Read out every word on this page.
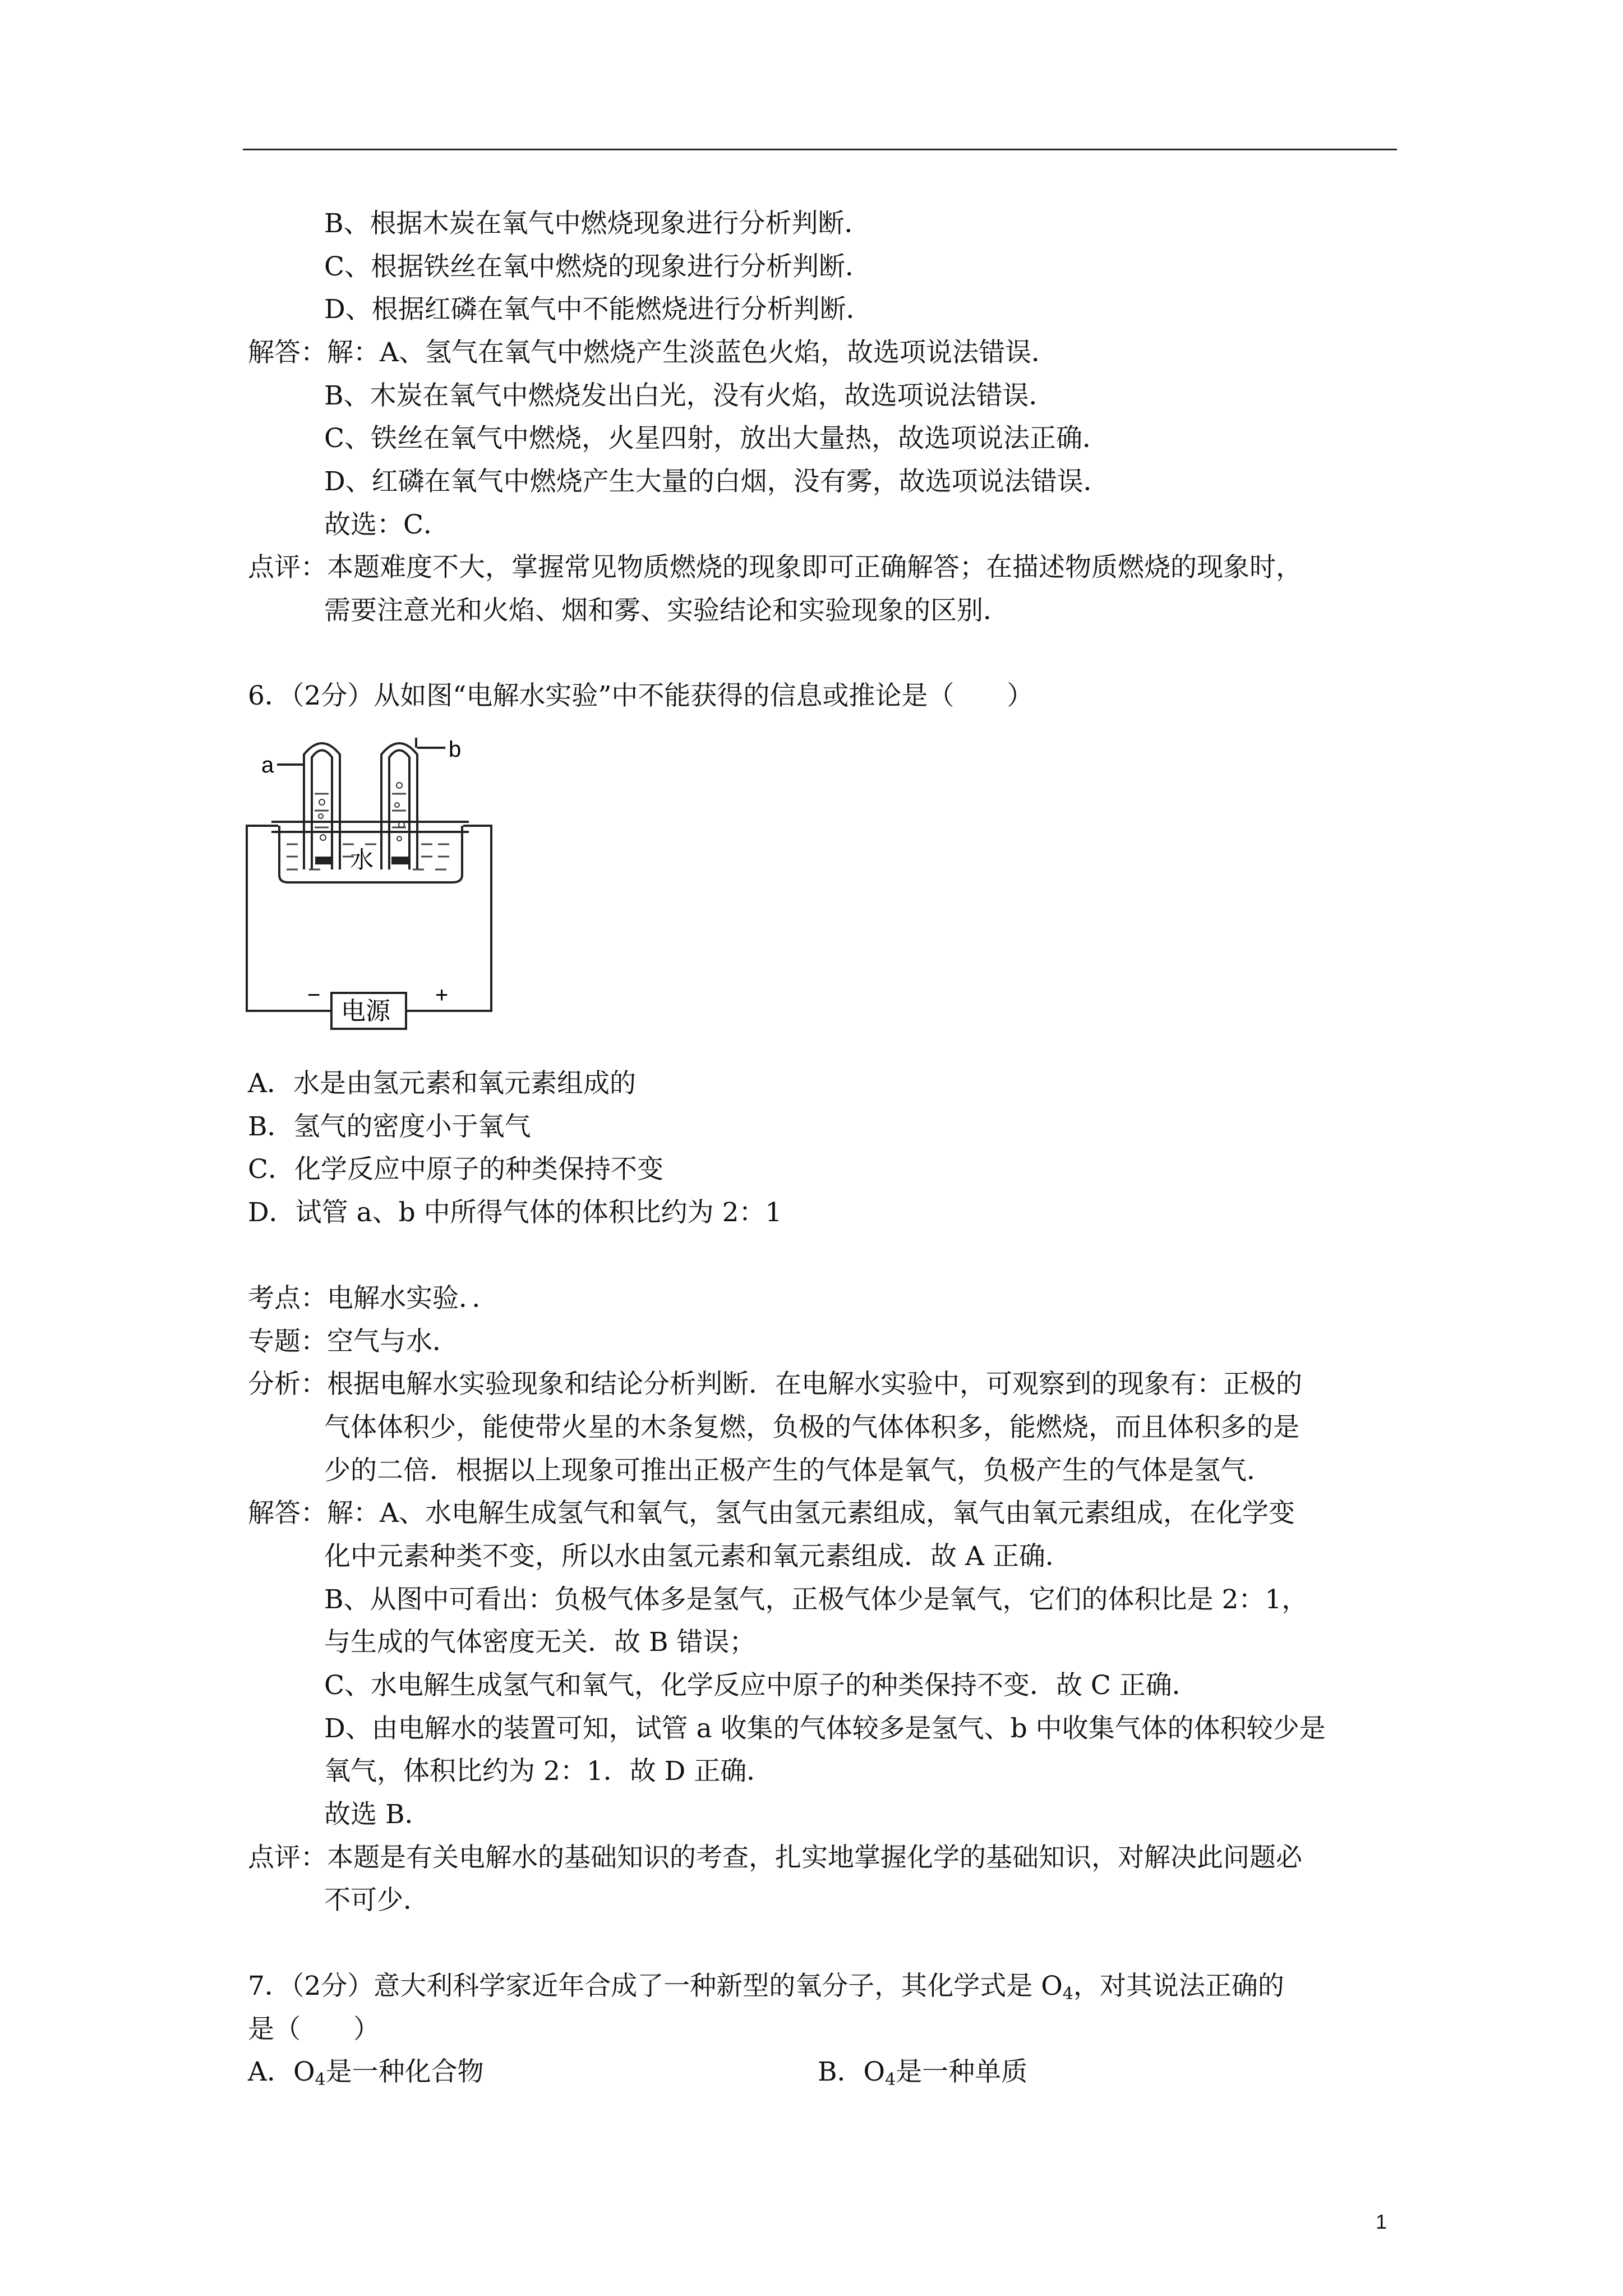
B、根据木炭在氧气中燃烧现象进行分析判断．
C、根据铁丝在氧中燃烧的现象进行分析判断．
D、根据红磷在氧气中不能燃烧进行分析判断．
解答：解：A、氢气在氧气中燃烧产生淡蓝色火焰，故选项说法错误．
B、木炭在氧气中燃烧发出白光，没有火焰，故选项说法错误．
C、铁丝在氧气中燃烧，火星四射，放出大量热，故选项说法正确．
D、红磷在氧气中燃烧产生大量的白烟，没有雾，故选项说法错误．
故选：C．
点评：本题难度不大，掌握常见物质燃烧的现象即可正确解答；在描述物质燃烧的现象时，
需要注意光和火焰、烟和雾、实验结论和实验现象的区别．
6．（2分）从如图“电解水实验”中不能获得的信息或推论是（　　）
a
b
水
−	+
电源
A．水是由氢元素和氧元素组成的
B．氢气的密度小于氧气
C．化学反应中原子的种类保持不变
D．试管 a、b 中所得气体的体积比约为 2：1
考点：电解水实验．．
专题：空气与水．
分析：根据电解水实验现象和结论分析判断．在电解水实验中，可观察到的现象有：正极的
气体体积少，能使带火星的木条复燃，负极的气体体积多，能燃烧，而且体积多的是
少的二倍．根据以上现象可推出正极产生的气体是氧气，负极产生的气体是氢气．
解答：解：A、水电解生成氢气和氧气，氢气由氢元素组成，氧气由氧元素组成，在化学变
化中元素种类不变，所以水由氢元素和氧元素组成．故 A 正确．
B、从图中可看出：负极气体多是氢气，正极气体少是氧气，它们的体积比是 2：1，
与生成的气体密度无关．故 B 错误；
C、水电解生成氢气和氧气，化学反应中原子的种类保持不变．故 C 正确．
D、由电解水的装置可知，试管 a 收集的气体较多是氢气、b 中收集气体的体积较少是
氧气，体积比约为 2：1．故 D 正确．
故选 B．
点评：本题是有关电解水的基础知识的考查，扎实地掌握化学的基础知识，对解决此问题必
不可少．
7．（2分）意大利科学家近年合成了一种新型的氧分子，其化学式是 $O_4$，对其说法正确的
是（　　）
A．$O_4$是一种化合物	B．$O_4$是一种单质
1
